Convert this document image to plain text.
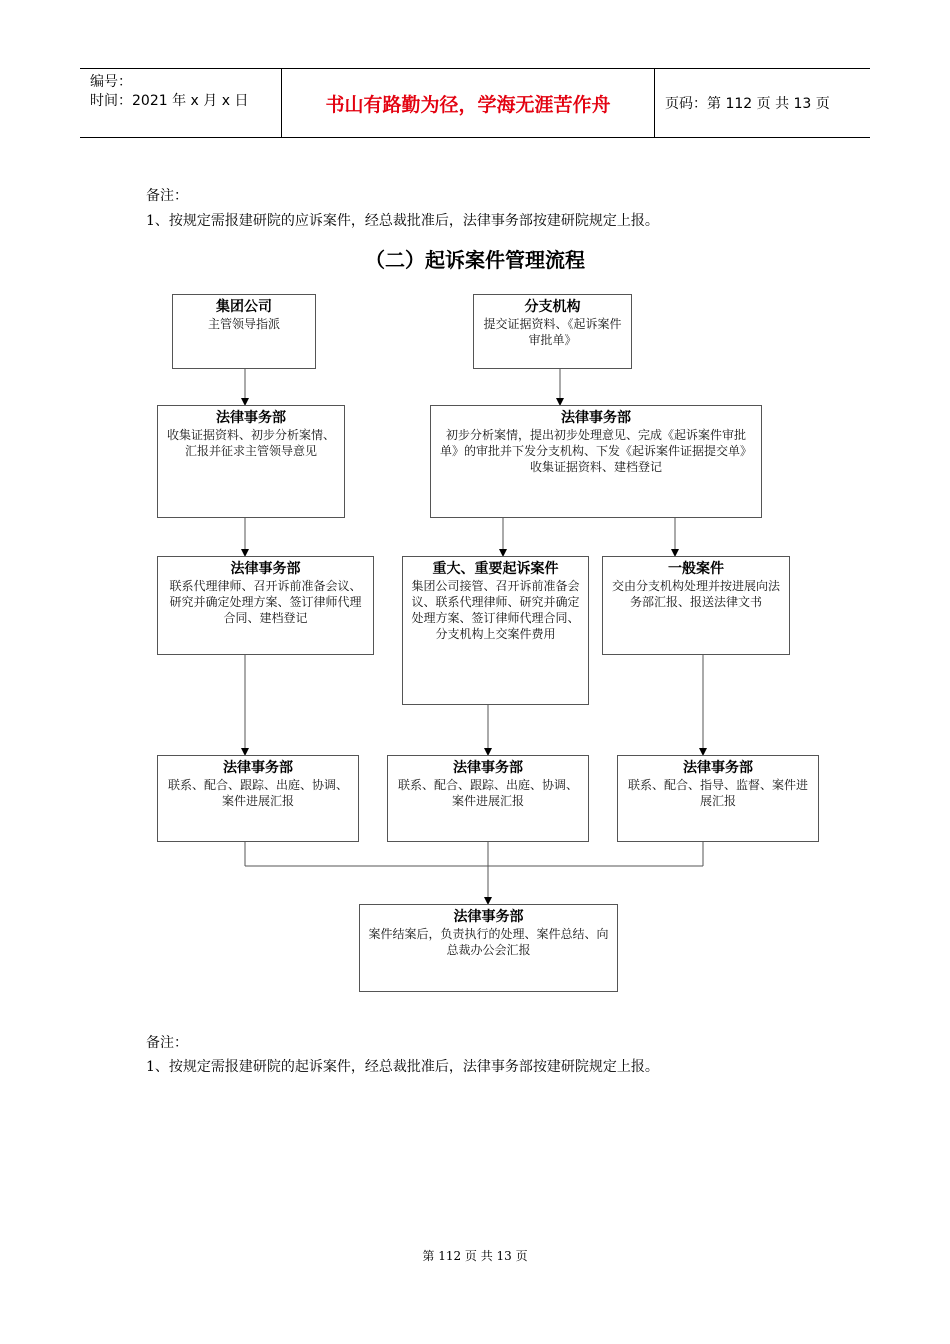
编号：
时间：2021 年 x 月 x 日	书山有路勤为径，学海无涯苦作舟	页码：第 112 页 共 13 页
备注：
1、按规定需报建研院的应诉案件，经总裁批准后，法律事务部按建研院规定上报。
（二）起诉案件管理流程
集团公司
主管领导指派
分支机构
提交证据资料、《起诉案件审批单》
法律事务部
收集证据资料、初步分析案情、汇报并征求主管领导意见
法律事务部
初步分析案情，提出初步处理意见、完成《起诉案件审批单》的审批并下发分支机构、下发《起诉案件证据提交单》收集证据资料、建档登记
法律事务部
联系代理律师、召开诉前准备会议、研究并确定处理方案、签订律师代理合同、建档登记
重大、重要起诉案件
集团公司接管、召开诉前准备会议、联系代理律师、研究并确定处理方案、签订律师代理合同、分支机构上交案件费用
一般案件
交由分支机构处理并按进展向法务部汇报、报送法律文书
法律事务部
联系、配合、跟踪、出庭、协调、案件进展汇报
法律事务部
联系、配合、跟踪、出庭、协调、案件进展汇报
法律事务部
联系、配合、指导、监督、案件进展汇报
法律事务部
案件结案后，负责执行的处理、案件总结、向总裁办公会汇报
备注：
1、按规定需报建研院的起诉案件，经总裁批准后，法律事务部按建研院规定上报。
第 112 页 共 13 页
